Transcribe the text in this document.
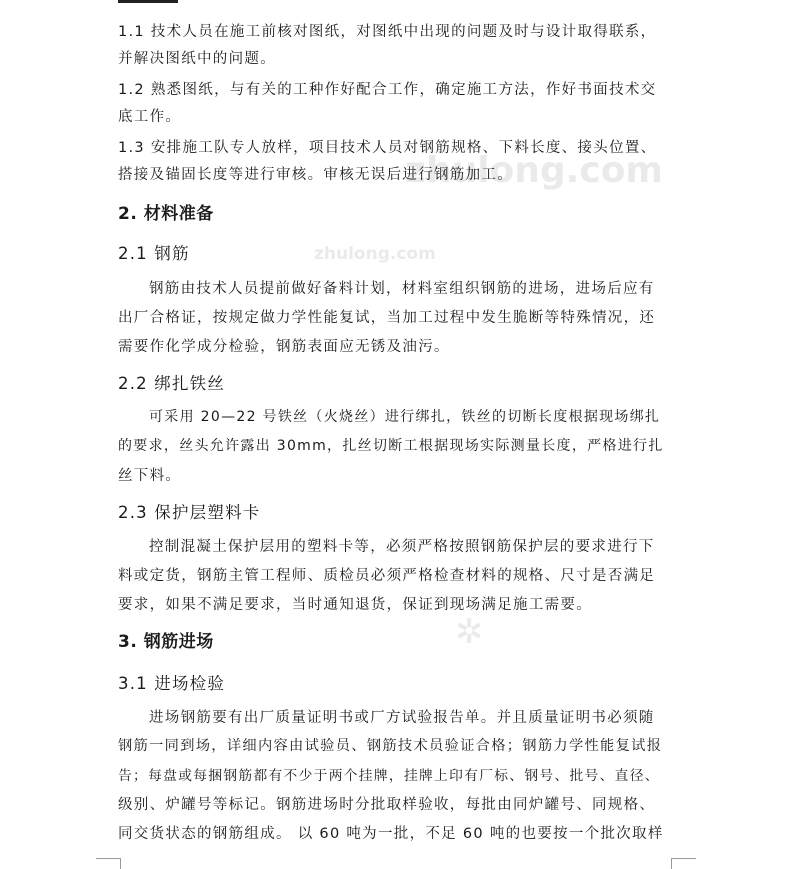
zhulong.com
zhulong.com
✲
1.1 技术人员在施工前核对图纸，对图纸中出现的问题及时与设计取得联系，
并解决图纸中的问题。
1.2 熟悉图纸，与有关的工种作好配合工作，确定施工方法，作好书面技术交
底工作。
1.3 安排施工队专人放样，项目技术人员对钢筋规格、下料长度、接头位置、
搭接及锚固长度等进行审核。审核无误后进行钢筋加工。
2. 材料准备
2.1 钢筋
钢筋由技术人员提前做好备料计划，材料室组织钢筋的进场，进场后应有
出厂合格证，按规定做力学性能复试，当加工过程中发生脆断等特殊情况，还
需要作化学成分检验，钢筋表面应无锈及油污。
2.2 绑扎铁丝
可采用 20—22 号铁丝（火烧丝）进行绑扎，铁丝的切断长度根据现场绑扎
的要求，丝头允许露出 30mm，扎丝切断工根据现场实际测量长度，严格进行扎
丝下料。
2.3 保护层塑料卡
控制混凝土保护层用的塑料卡等，必须严格按照钢筋保护层的要求进行下
料或定货，钢筋主管工程师、质检员必须严格检查材料的规格、尺寸是否满足
要求，如果不满足要求，当时通知退货，保证到现场满足施工需要。
3. 钢筋进场
3.1 进场检验
进场钢筋要有出厂质量证明书或厂方试验报告单。并且质量证明书必须随
钢筋一同到场，详细内容由试验员、钢筋技术员验证合格；钢筋力学性能复试报
告；每盘或每捆钢筋都有不少于两个挂牌，挂牌上印有厂标、钢号、批号、直径、
级别、炉罐号等标记。钢筋进场时分批取样验收，每批由同炉罐号、同规格、
同交货状态的钢筋组成。 以 60 吨为一批，不足 60 吨的也要按一个批次取样
